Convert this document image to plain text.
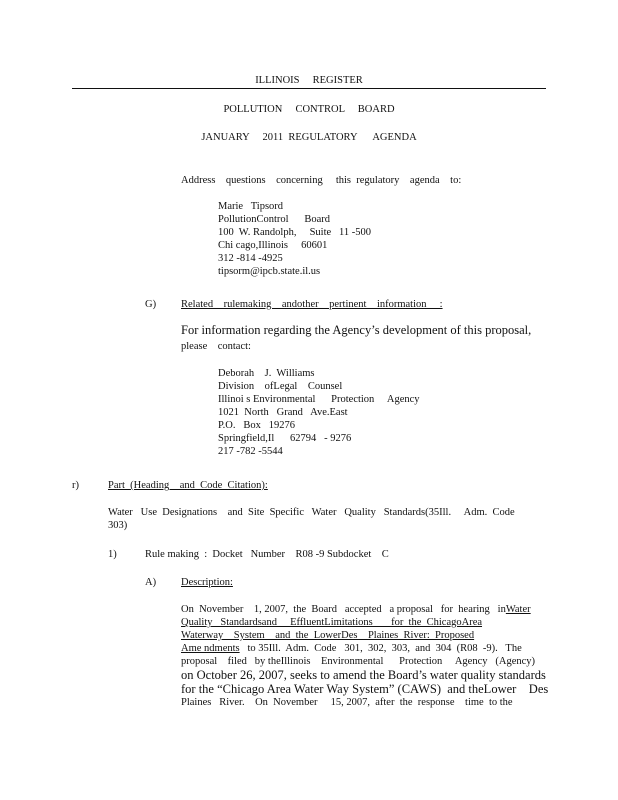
ILLINOIS     REGISTER
POLLUTION     CONTROL     BOARD
JANUARY     2011  REGULATORY      AGENDA
Address    questions    concerning     this  regulatory    agenda    to:
Marie   Tipsord
PollutionControl      Board
100  W. Randolph,     Suite   11 -500
Chi cago,Illinois     60601
312 -814 -4925
tipsorm@ipcb.state.il.us
G) Related    rulemaking    andother    pertinent    information     :
For information regarding the Agency’s development of this proposal,
please    contact:
Deborah    J.  Williams
Division    ofLegal    Counsel
Illinoi s Environmental      Protection     Agency
1021  North   Grand   Ave.East
P.O.   Box   19276
Springfield,Il      62794   - 9276
217 -782 -5544
r)	Part  (Heading    and  Code  Citation):
Water   Use  Designations    and  Site  Specific   Water   Quality   Standards(35Ill.     Adm.  Code
303)
1)	Rule making  :  Docket   Number    R08 -9 Subdocket    C
A) Description:
On  November    1, 2007,  the  Board   accepted   a proposal   for  hearing   inWater
Quality   Standardsand     EffluentLimitations       for  the  ChicagoArea
Waterway    System    and  the  LowerDes    Plaines  River:  Proposed
Ame ndments   to 35Ill.  Adm.  Code   301,  302,  303,  and  304  (R08  -9).   The
proposal    filed   by theIllinois    Environmental      Protection     Agency   (Agency)
on October 26, 2007, seeks to amend the Board’s water quality standards
for the “Chicago Area Water Way System” (CAWS)  and theLower    Des
Plaines   River.    On  November     15, 2007,  after  the  response    time  to the
